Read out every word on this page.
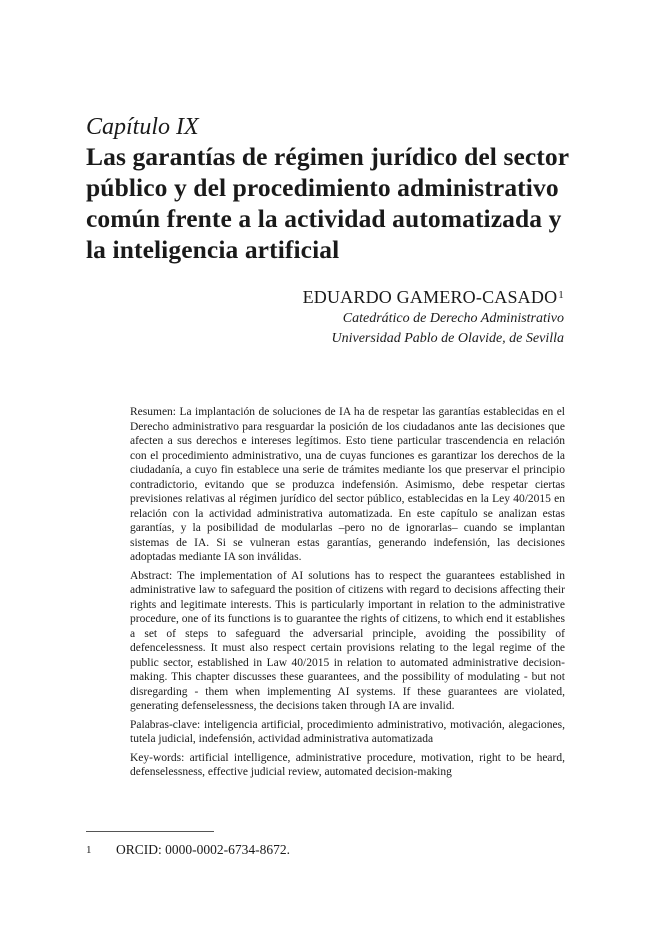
Capítulo IX
Las garantías de régimen jurídico del sector
público y del procedimiento administrativo
común frente a la actividad automatizada y
la inteligencia artificial
EDUARDO GAMERO-CASADO$^1$
Catedrático de Derecho Administrativo
Universidad Pablo de Olavide, de Sevilla

Resumen: La implantación de soluciones de IA ha de respetar las garantías establecidas en el Derecho administrativo para resguardar la posición de los ciudadanos ante las decisiones que afecten a sus derechos e intereses legítimos. Esto tiene particular trascendencia en relación con el procedimiento administrativo, una de cuyas funciones es garantizar los derechos de la ciudadanía, a cuyo fin establece una serie de trámites mediante los que preservar el principio contradictorio, evitando que se produzca indefensión. Asimismo, debe respetar ciertas previsiones relativas al régimen jurídico del sector público, establecidas en la Ley 40/2015 en relación con la actividad administrativa automatizada. En este capítulo se analizan estas garantías, y la posibilidad de modularlas –pero no de ignorarlas– cuando se implantan sistemas de IA. Si se vulneran estas garantías, generando indefensión, las decisiones adoptadas mediante IA son inválidas.

Abstract: The implementation of AI solutions has to respect the guarantees established in administrative law to safeguard the position of citizens with regard to decisions affecting their rights and legitimate interests. This is particularly important in relation to the administrative procedure, one of its functions is to guarantee the rights of citizens, to which end it establishes a set of steps to safeguard the adversarial principle, avoiding the possibility of defencelessness. It must also respect certain provisions relating to the legal regime of the public sector, established in Law 40/2015 in relation to automated administrative decision-making. This chapter discusses these guarantees, and the possibility of modulating - but not disregarding - them when implementing AI systems. If these guarantees are violated, generating defenselessness, the decisions taken through IA are invalid.

Palabras-clave: inteligencia artificial, procedimiento administrativo, motivación, alegaciones, tutela judicial, indefensión, actividad administrativa automatizada

Key-words: artificial intelligence, administrative procedure, motivation, right to be heard, defenselessness, effective judicial review, automated decision-making

1 ORCID: 0000-0002-6734-8672.
